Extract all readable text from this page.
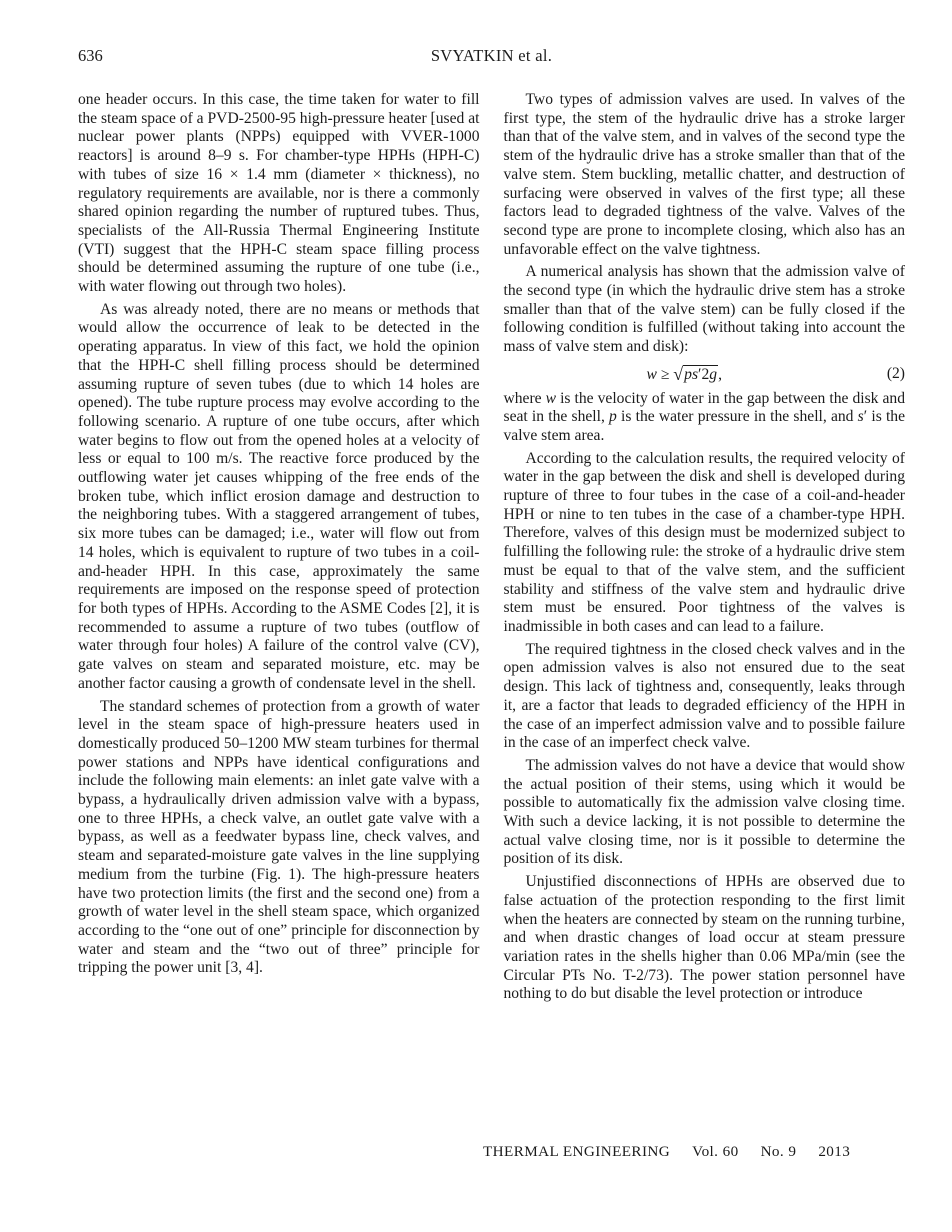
636	SVYATKIN et al.

one header occurs. In this case, the time taken for water to fill the steam space of a PVD-2500-95 high-pressure heater [used at nuclear power plants (NPPs) equipped with VVER-1000 reactors] is around 8–9 s. For chamber-type HPHs (HPH-C) with tubes of size 16 × 1.4 mm (diameter × thickness), no regulatory requirements are available, nor is there a commonly shared opinion regarding the number of ruptured tubes. Thus, specialists of the All-Russia Thermal Engineering Institute (VTI) suggest that the HPH-C steam space filling process should be determined assuming the rupture of one tube (i.e., with water flowing out through two holes).

As was already noted, there are no means or methods that would allow the occurrence of leak to be detected in the operating apparatus. In view of this fact, we hold the opinion that the HPH-C shell filling process should be determined assuming rupture of seven tubes (due to which 14 holes are opened). The tube rupture process may evolve according to the following scenario. A rupture of one tube occurs, after which water begins to flow out from the opened holes at a velocity of less or equal to 100 m/s. The reactive force produced by the outflowing water jet causes whipping of the free ends of the broken tube, which inflict erosion damage and destruction to the neighboring tubes. With a staggered arrangement of tubes, six more tubes can be damaged; i.e., water will flow out from 14 holes, which is equivalent to rupture of two tubes in a coil-and-header HPH. In this case, approximately the same requirements are imposed on the response speed of protection for both types of HPHs. According to the ASME Codes [2], it is recommended to assume a rupture of two tubes (outflow of water through four holes) A failure of the control valve (CV), gate valves on steam and separated moisture, etc. may be another factor causing a growth of condensate level in the shell.

The standard schemes of protection from a growth of water level in the steam space of high-pressure heaters used in domestically produced 50–1200 MW steam turbines for thermal power stations and NPPs have identical configurations and include the following main elements: an inlet gate valve with a bypass, a hydraulically driven admission valve with a bypass, one to three HPHs, a check valve, an outlet gate valve with a bypass, as well as a feedwater bypass line, check valves, and steam and separated-moisture gate valves in the line supplying medium from the turbine (Fig. 1). The high-pressure heaters have two protection limits (the first and the second one) from a growth of water level in the shell steam space, which organized according to the “one out of one” principle for disconnection by water and steam and the “two out of three” principle for tripping the power unit [3, 4].

Two types of admission valves are used. In valves of the first type, the stem of the hydraulic drive has a stroke larger than that of the valve stem, and in valves of the second type the stem of the hydraulic drive has a stroke smaller than that of the valve stem. Stem buckling, metallic chatter, and destruction of surfacing were observed in valves of the first type; all these factors lead to degraded tightness of the valve. Valves of the second type are prone to incomplete closing, which also has an unfavorable effect on the valve tightness.

A numerical analysis has shown that the admission valve of the second type (in which the hydraulic drive stem has a stroke smaller than that of the valve stem) can be fully closed if the following condition is fulfilled (without taking into account the mass of valve stem and disk):

w ≥ √ps′2g,	(2)

where w is the velocity of water in the gap between the disk and seat in the shell, p is the water pressure in the shell, and s′ is the valve stem area.

According to the calculation results, the required velocity of water in the gap between the disk and shell is developed during rupture of three to four tubes in the case of a coil-and-header HPH or nine to ten tubes in the case of a chamber-type HPH. Therefore, valves of this design must be modernized subject to fulfilling the following rule: the stroke of a hydraulic drive stem must be equal to that of the valve stem, and the sufficient stability and stiffness of the valve stem and hydraulic drive stem must be ensured. Poor tightness of the valves is inadmissible in both cases and can lead to a failure.

The required tightness in the closed check valves and in the open admission valves is also not ensured due to the seat design. This lack of tightness and, consequently, leaks through it, are a factor that leads to degraded efficiency of the HPH in the case of an imperfect admission valve and to possible failure in the case of an imperfect check valve.

The admission valves do not have a device that would show the actual position of their stems, using which it would be possible to automatically fix the admission valve closing time. With such a device lacking, it is not possible to determine the actual valve closing time, nor is it possible to determine the position of its disk.

Unjustified disconnections of HPHs are observed due to false actuation of the protection responding to the first limit when the heaters are connected by steam on the running turbine, and when drastic changes of load occur at steam pressure variation rates in the shells higher than 0.06 MPa/min (see the Circular PTs No. T-2/73). The power station personnel have nothing to do but disable the level protection or introduce

THERMAL ENGINEERING Vol. 60 No. 9 2013
